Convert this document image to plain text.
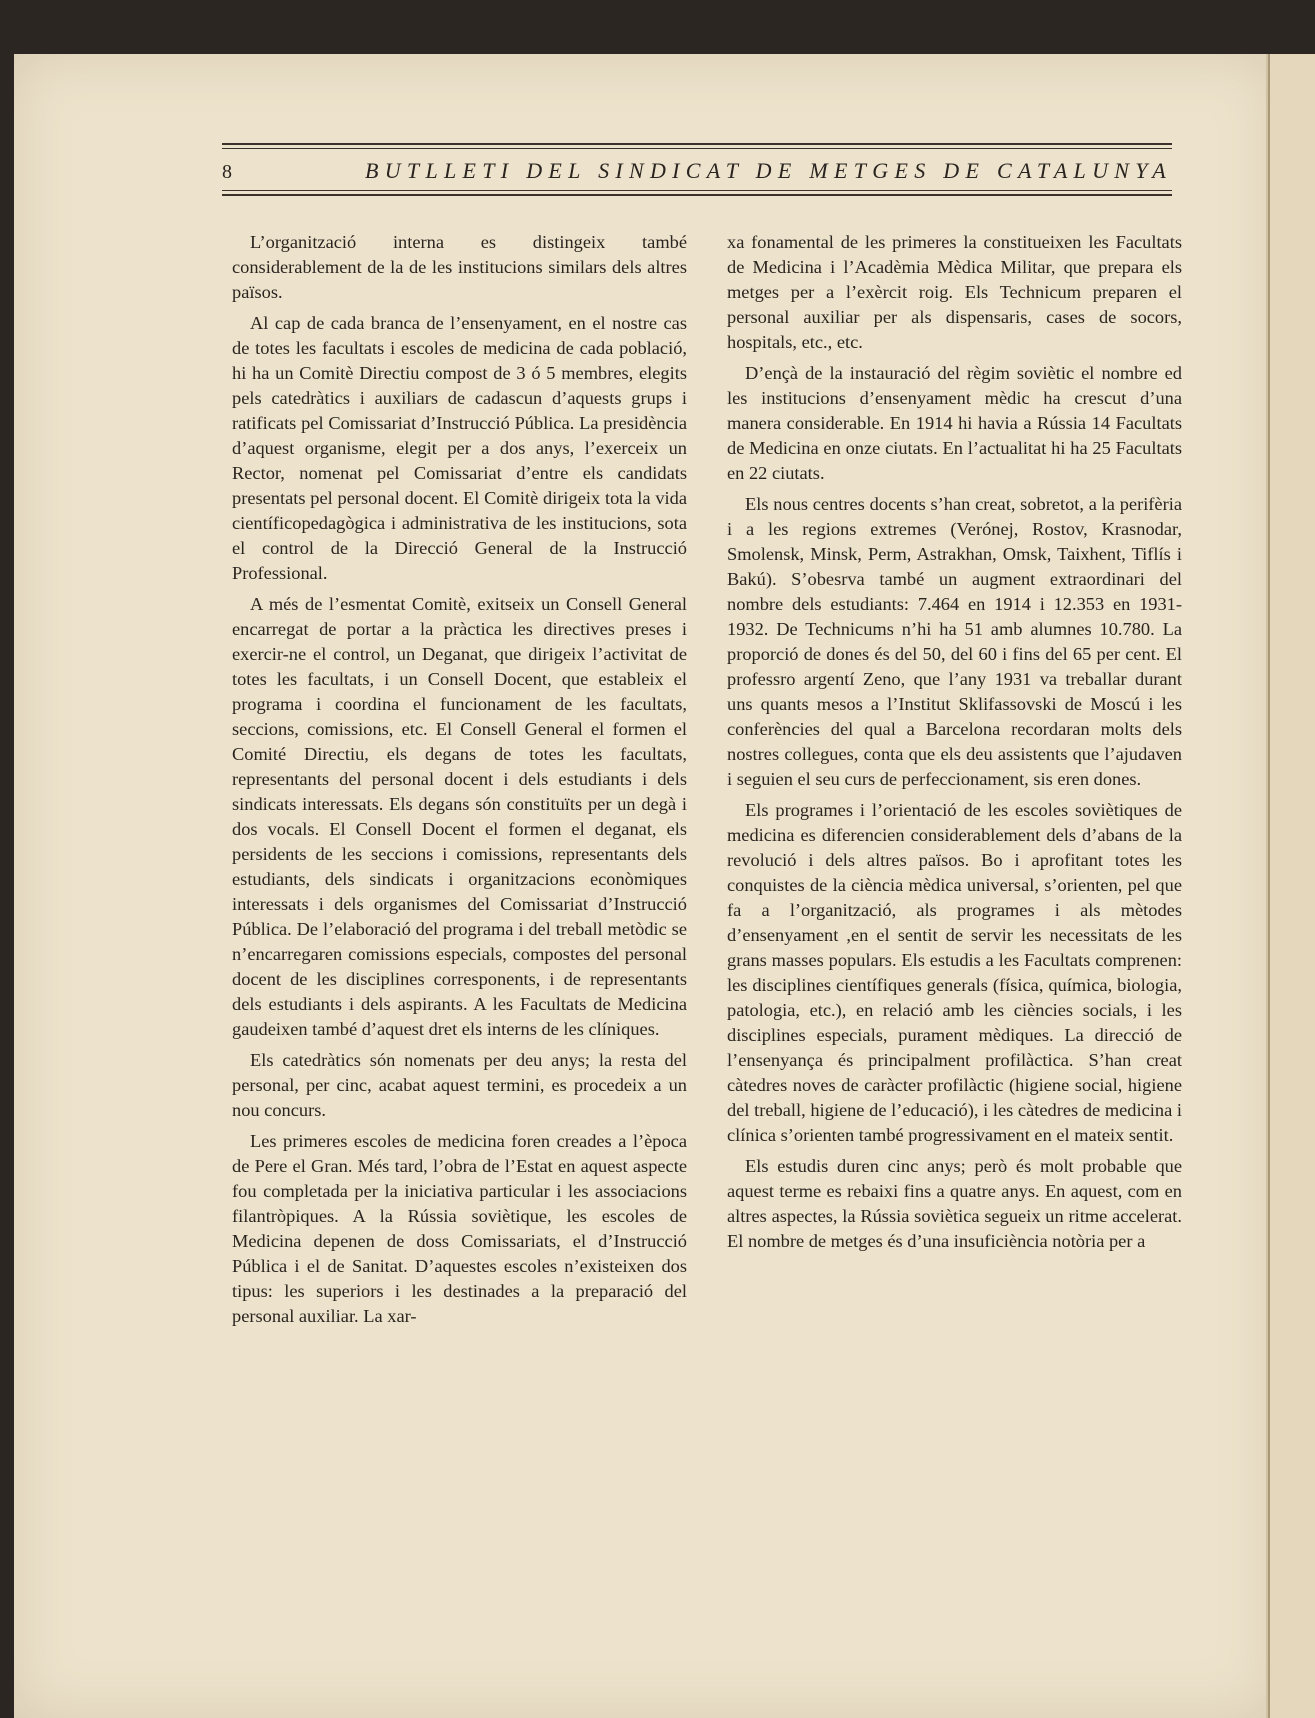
8	BUTLLETI DEL SINDICAT DE METGES DE CATALUNYA

L’organització interna es distingeix també considerablement de la de les institucions similars dels altres països.

Al cap de cada branca de l’ensenyament, en el nostre cas de totes les facultats i escoles de medicina de cada població, hi ha un Comitè Directiu compost de 3 ó 5 membres, elegits pels catedràtics i auxiliars de cadascun d’aquests grups i ratificats pel Comissariat d’Instrucció Pública. La presidència d’aquest organisme, elegit per a dos anys, l’exerceix un Rector, nomenat pel Comissariat d’entre els candidats presentats pel personal docent. El Comitè dirigeix tota la vida científicopedagògica i administrativa de les institucions, sota el control de la Direcció General de la Instrucció Professional.

A més de l’esmentat Comitè, exitseix un Consell General encarregat de portar a la pràctica les directives preses i exercir-ne el control, un Deganat, que dirigeix l’activitat de totes les facultats, i un Consell Docent, que estableix el programa i coordina el funcionament de les facultats, seccions, comissions, etc. El Consell General el formen el Comité Directiu, els degans de totes les facultats, representants del personal docent i dels estudiants i dels sindicats interessats. Els degans són constituïts per un degà i dos vocals. El Consell Docent el formen el deganat, els persidents de les seccions i comissions, representants dels estudiants, dels sindicats i organitzacions econòmiques interessats i dels organismes del Comissariat d’Instrucció Pública. De l’elaboració del programa i del treball metòdic se n’encarregaren comissions especials, compostes del personal docent de les disciplines corresponents, i de representants dels estudiants i dels aspirants. A les Facultats de Medicina gaudeixen també d’aquest dret els interns de les clíniques.

Els catedràtics són nomenats per deu anys; la resta del personal, per cinc, acabat aquest termini, es procedeix a un nou concurs.

Les primeres escoles de medicina foren creades a l’època de Pere el Gran. Més tard, l’obra de l’Estat en aquest aspecte fou completada per la iniciativa particular i les associacions filantròpiques. A la Rússia soviètique, les escoles de Medicina depenen de doss Comissariats, el d’Instrucció Pública i el de Sanitat. D’aquestes escoles n’existeixen dos tipus: les superiors i les destinades a la preparació del personal auxiliar. La xar-

xa fonamental de les primeres la constitueixen les Facultats de Medicina i l’Acadèmia Mèdica Militar, que prepara els metges per a l’exèrcit roig. Els Technicum preparen el personal auxiliar per als dispensaris, cases de socors, hospitals, etc., etc.

D’ençà de la instauració del règim soviètic el nombre ed les institucions d’ensenyament mèdic ha crescut d’una manera considerable. En 1914 hi havia a Rússia 14 Facultats de Medicina en onze ciutats. En l’actualitat hi ha 25 Facultats en 22 ciutats.

Els nous centres docents s’han creat, sobretot, a la perifèria i a les regions extremes (Verónej, Rostov, Krasnodar, Smolensk, Minsk, Perm, Astrakhan, Omsk, Taixhent, Tiflís i Bakú). S’obesrva també un augment extraordinari del nombre dels estudiants: 7.464 en 1914 i 12.353 en 1931-1932. De Technicums n’hi ha 51 amb alumnes 10.780. La proporció de dones és del 50, del 60 i fins del 65 per cent. El professro argentí Zeno, que l’any 1931 va treballar durant uns quants mesos a l’Institut Sklifassovski de Moscú i les conferències del qual a Barcelona recordaran molts dels nostres collegues, conta que els deu assistents que l’ajudaven i seguien el seu curs de perfeccionament, sis eren dones.

Els programes i l’orientació de les escoles soviètiques de medicina es diferencien considerablement dels d’abans de la revolució i dels altres països. Bo i aprofitant totes les conquistes de la ciència mèdica universal, s’orienten, pel que fa a l’organització, als programes i als mètodes d’ensenyament ,en el sentit de servir les necessitats de les grans masses populars. Els estudis a les Facultats comprenen: les disciplines científiques generals (física, química, biologia, patologia, etc.), en relació amb les ciències socials, i les disciplines especials, purament mèdiques. La direcció de l’ensenyança és principalment profilàctica. S’han creat càtedres noves de caràcter profilàctic (higiene social, higiene del treball, higiene de l’educació), i les càtedres de medicina i clínica s’orienten també progressivament en el mateix sentit.

Els estudis duren cinc anys; però és molt probable que aquest terme es rebaixi fins a quatre anys. En aquest, com en altres aspectes, la Rússia soviètica segueix un ritme accelerat. El nombre de metges és d’una insuficiència notòria per a
